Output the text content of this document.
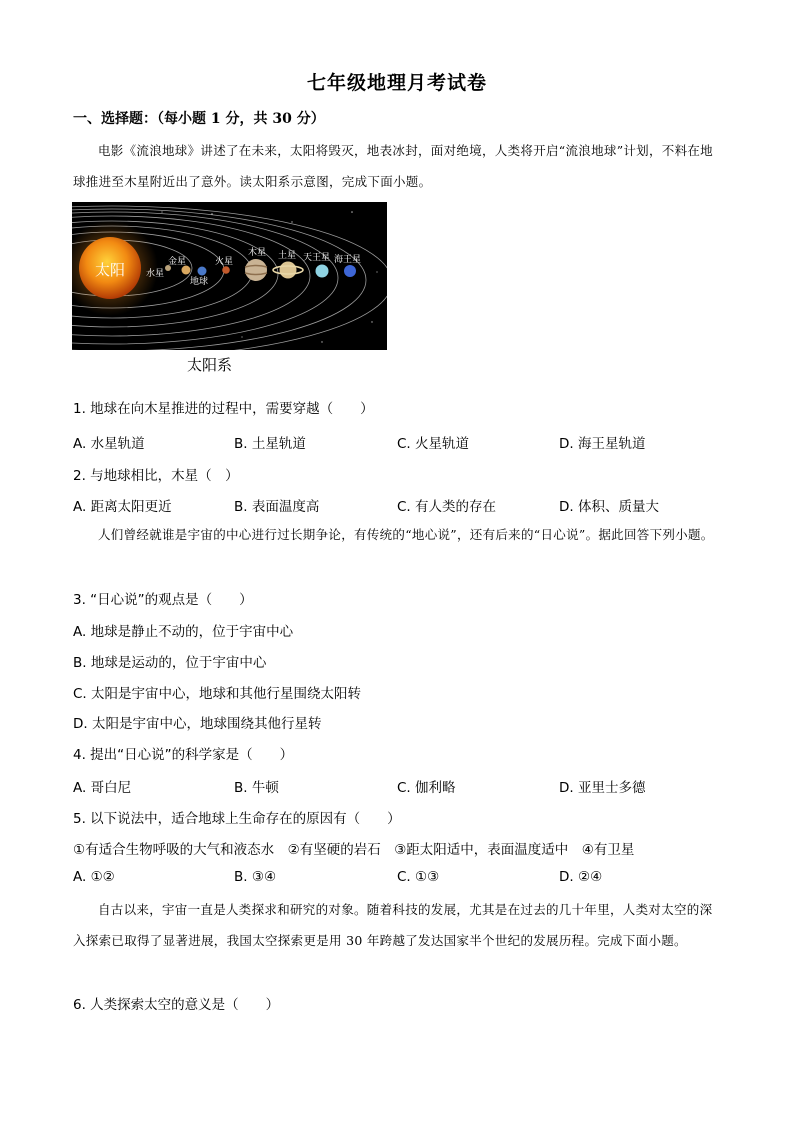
七年级地理月考试卷
一、选择题：（每小题 1 分，共 30 分）
电影《流浪地球》讲述了在未来，太阳将毁灭，地表冰封，面对绝境，人类将开启“流浪地球”计划，不料在地球推进至木星附近出了意外。读太阳系示意图，完成下面小题。
太阳 水星
金星
地球
火星
木星 土星 天王星 海王星
太阳系
1. 地球在向木星推进的过程中，需要穿越（　　）
A. 水星轨道	B. 土星轨道	C. 火星轨道	D. 海王星轨道
2. 与地球相比，木星（　）
A. 距离太阳更近	B. 表面温度高	C. 有人类的存在	D. 体积、质量大
人们曾经就谁是宇宙的中心进行过长期争论，有传统的“地心说”，还有后来的“日心说”。据此回答下列小题。
3. “日心说”的观点是（　　）
A. 地球是静止不动的，位于宇宙中心
B. 地球是运动的，位于宇宙中心
C. 太阳是宇宙中心，地球和其他行星围绕太阳转
D. 太阳是宇宙中心，地球围绕其他行星转
4. 提出“日心说”的科学家是（　　）
A. 哥白尼	B. 牛顿	C. 伽利略	D. 亚里士多德
5. 以下说法中，适合地球上生命存在的原因有（　　）
①有适合生物呼吸的大气和液态水　②有坚硬的岩石　③距太阳适中，表面温度适中　④有卫星
A. ①②	B. ③④	C. ①③	D. ②④
自古以来，宇宙一直是人类探求和研究的对象。随着科技的发展，尤其是在过去的几十年里，人类对太空的深入探索已取得了显著进展，我国太空探索更是用 30 年跨越了发达国家半个世纪的发展历程。完成下面小题。
6. 人类探索太空的意义是（　　）
